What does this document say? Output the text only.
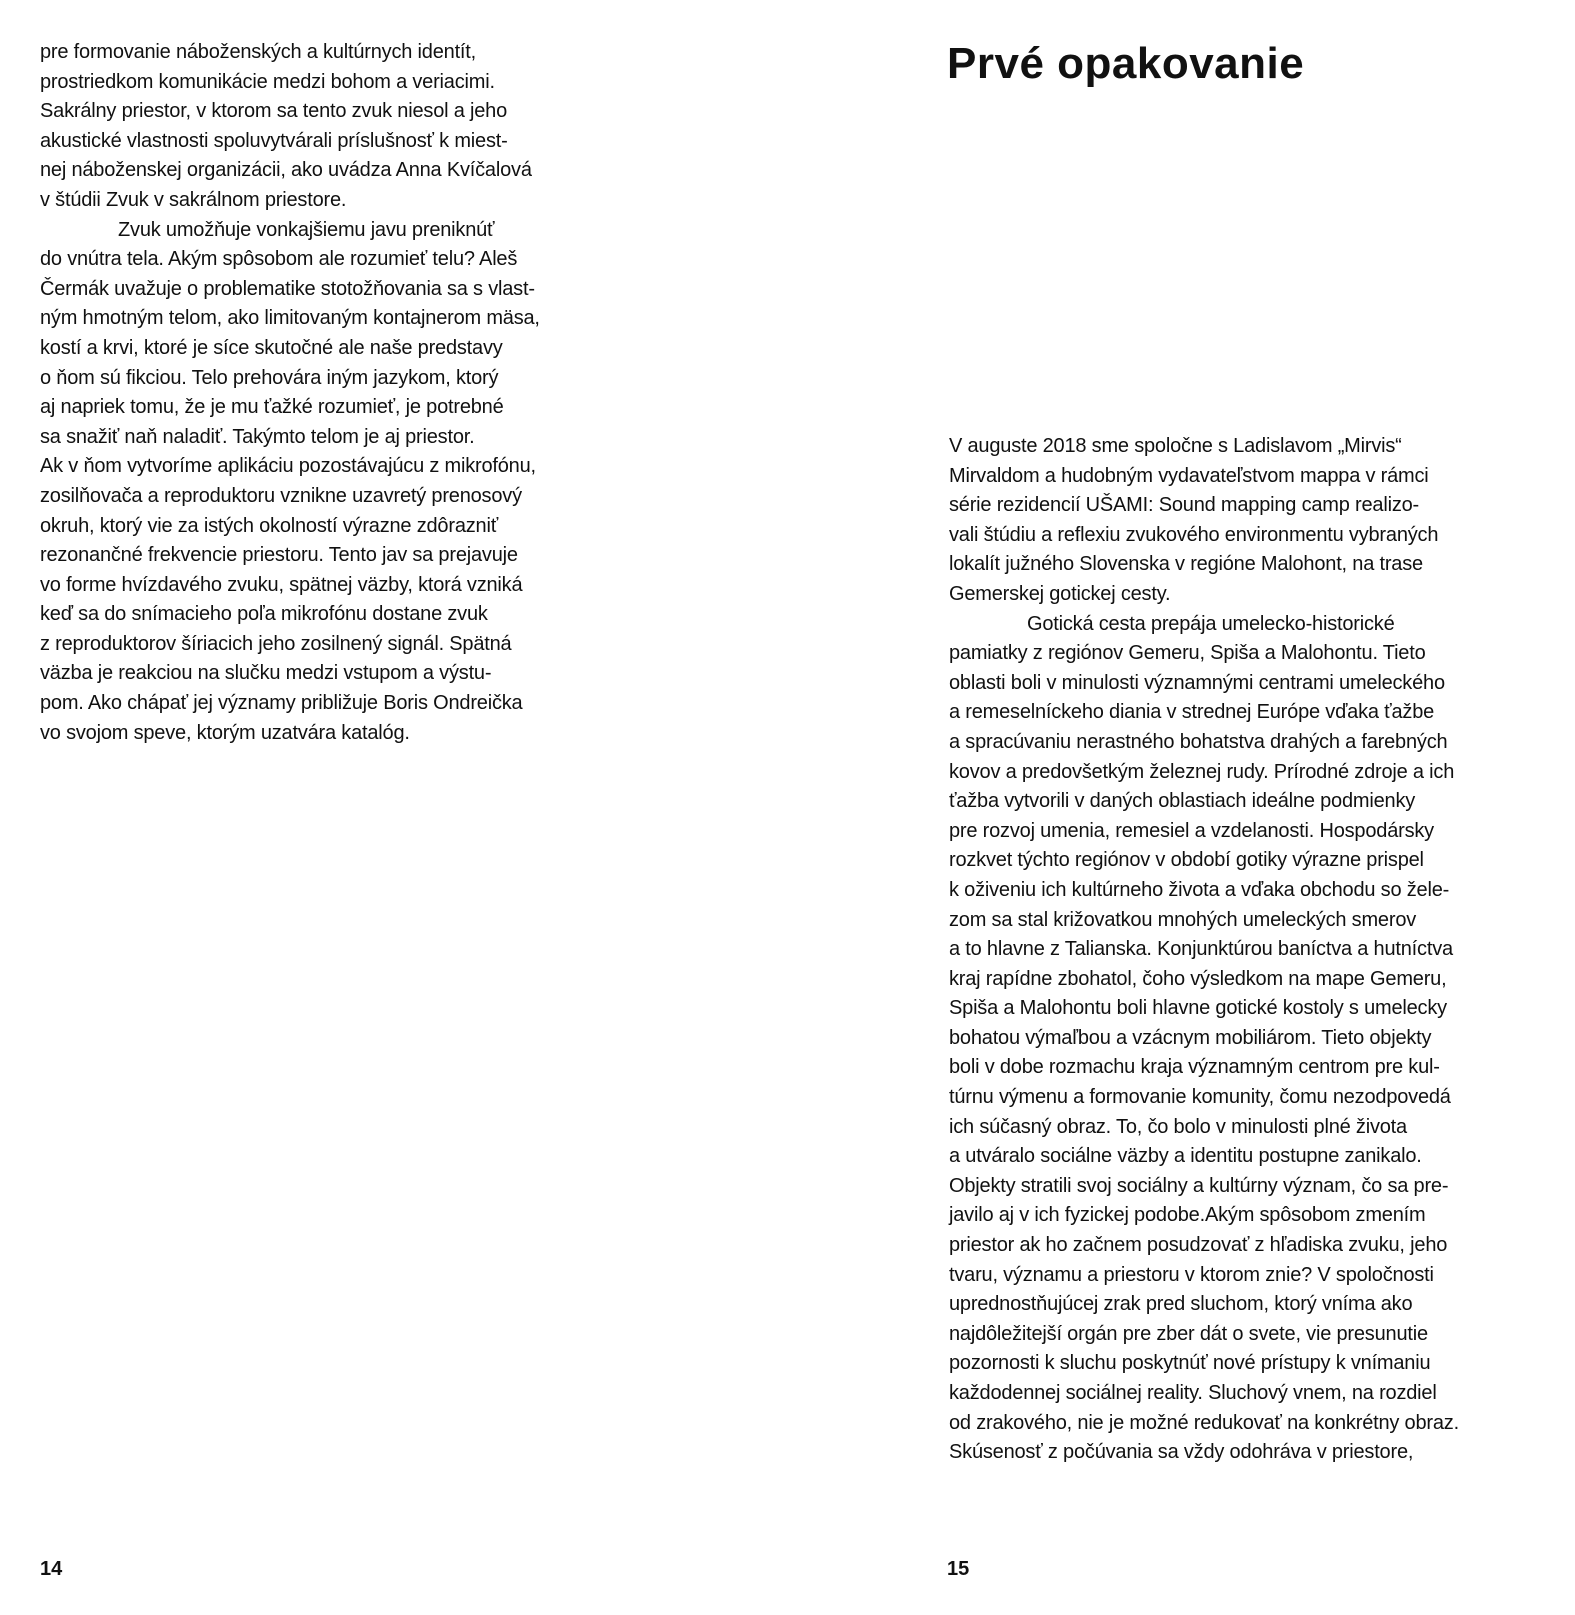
pre formovanie náboženských a kultúrnych identít,
prostriedkom komunikácie medzi bohom a veriacimi.
Sakrálny priestor, v ktorom sa tento zvuk niesol a jeho
akustické vlastnosti spoluvytvárali príslušnosť k miest-
nej náboženskej organizácii, ako uvádza Anna Kvíčalová
v štúdii Zvuk v sakrálnom priestore.
Zvuk umožňuje vonkajšiemu javu preniknúť
do vnútra tela. Akým spôsobom ale rozumieť telu? Aleš
Čermák uvažuje o problematike stotožňovania sa s vlast-
ným hmotným telom, ako limitovaným kontajnerom mäsa,
kostí a krvi, ktoré je síce skutočné ale naše predstavy
o ňom sú fikciou. Telo prehovára iným jazykom, ktorý
aj napriek tomu, že je mu ťažké rozumieť, je potrebné
sa snažiť naň naladiť. Takýmto telom je aj priestor.
Ak v ňom vytvoríme aplikáciu pozostávajúcu z mikrofónu,
zosilňovača a reproduktoru vznikne uzavretý prenosový
okruh, ktorý vie za istých okolností výrazne zdôrazniť
rezonančné frekvencie priestoru. Tento jav sa prejavuje
vo forme hvízdavého zvuku, spätnej väzby, ktorá vzniká
keď sa do snímacieho poľa mikrofónu dostane zvuk
z reproduktorov šíriacich jeho zosilnený signál. Spätná
väzba je reakciou na slučku medzi vstupom a výstu-
pom. Ako chápať jej významy približuje Boris Ondreička
vo svojom speve, ktorým uzatvára katalóg.
14
Prvé opakovanie
V auguste 2018 sme spoločne s Ladislavom „Mirvis“
Mirvaldom a hudobným vydavateľstvom mappa v rámci
série rezidencií UŠAMI: Sound mapping camp realizo-
vali štúdiu a reflexiu zvukového environmentu vybraných
lokalít južného Slovenska v regióne Malohont, na trase
Gemerskej gotickej cesty.
Gotická cesta prepája umelecko-historické
pamiatky z regiónov Gemeru, Spiša a Malohontu. Tieto
oblasti boli v minulosti významnými centrami umeleckého
a remeselníckeho diania v strednej Európe vďaka ťažbe
a spracúvaniu nerastného bohatstva drahých a farebných
kovov a predovšetkým železnej rudy. Prírodné zdroje a ich
ťažba vytvorili v daných oblastiach ideálne podmienky
pre rozvoj umenia, remesiel a vzdelanosti. Hospodársky
rozkvet týchto regiónov v období gotiky výrazne prispel
k oživeniu ich kultúrneho života a vďaka obchodu so žele-
zom sa stal križovatkou mnohých umeleckých smerov
a to hlavne z Talianska. Konjunktúrou baníctva a hutníctva
kraj rapídne zbohatol, čoho výsledkom na mape Gemeru,
Spiša a Malohontu boli hlavne gotické kostoly s umelecky
bohatou výmaľbou a vzácnym mobiliárom. Tieto objekty
boli v dobe rozmachu kraja významným centrom pre kul-
túrnu výmenu a formovanie komunity, čomu nezodpovedá
ich súčasný obraz. To, čo bolo v minulosti plné života
a utváralo sociálne väzby a identitu postupne zanikalo.
Objekty stratili svoj sociálny a kultúrny význam, čo sa pre-
javilo aj v ich fyzickej podobe.Akým spôsobom zmením
priestor ak ho začnem posudzovať z hľadiska zvuku, jeho
tvaru, významu a priestoru v ktorom znie? V spoločnosti
uprednostňujúcej zrak pred sluchom, ktorý vníma ako
najdôležitejší orgán pre zber dát o svete, vie presunutie
pozornosti k sluchu poskytnúť nové prístupy k vnímaniu
každodennej sociálnej reality. Sluchový vnem, na rozdiel
od zrakového, nie je možné redukovať na konkrétny obraz.
Skúsenosť z počúvania sa vždy odohráva v priestore,
15
